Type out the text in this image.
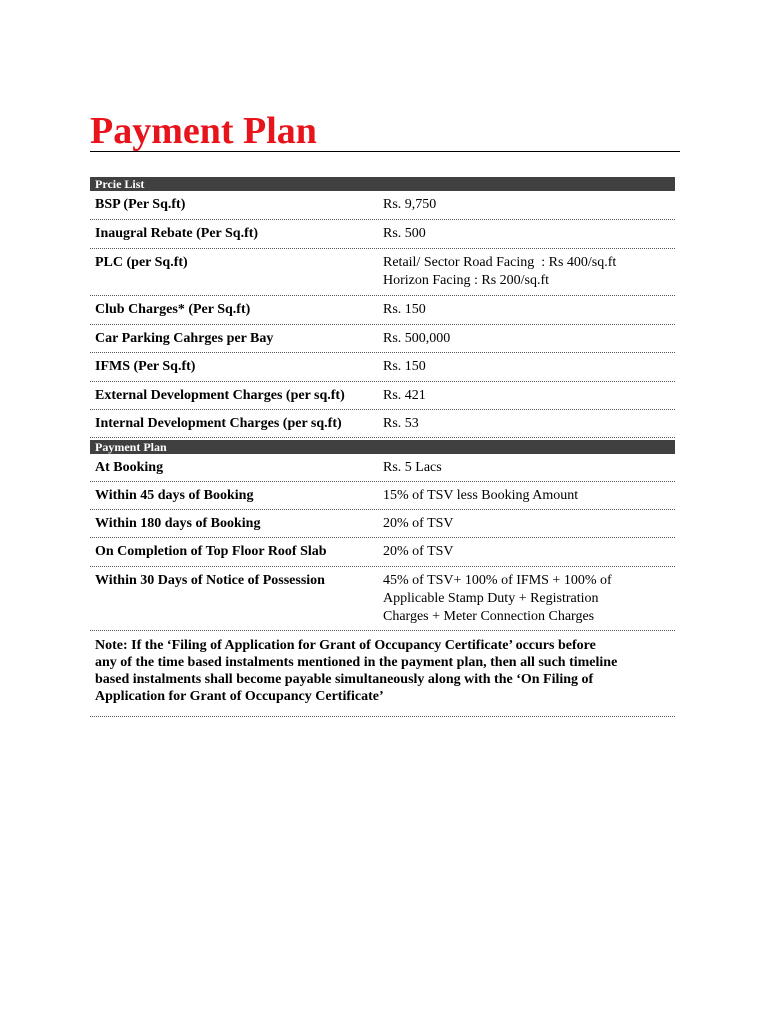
Payment Plan
Prcie List
BSP (Per Sq.ft)	Rs. 9,750
Inaugral Rebate (Per Sq.ft)	Rs. 500
PLC (per Sq.ft)	Retail/ Sector Road Facing  : Rs 400/sq.ft
Horizon Facing : Rs 200/sq.ft
Club Charges* (Per Sq.ft)	Rs. 150
Car Parking Cahrges per Bay	Rs. 500,000
IFMS (Per Sq.ft)	Rs. 150
External Development Charges (per sq.ft)	Rs. 421
Internal Development Charges (per sq.ft)	Rs. 53
Payment Plan
At Booking	Rs. 5 Lacs
Within 45 days of Booking	15% of TSV less Booking Amount
Within 180 days of Booking	20% of TSV
On Completion of Top Floor Roof Slab	20% of TSV
Within 30 Days of Notice of Possession	45% of TSV+ 100% of IFMS + 100% of
Applicable Stamp Duty + Registration
Charges + Meter Connection Charges
Note: If the ‘Filing of Application for Grant of Occupancy Certificate’ occurs before
any of the time based instalments mentioned in the payment plan, then all such timeline
based instalments shall become payable simultaneously along with the ‘On Filing of
Application for Grant of Occupancy Certificate’
